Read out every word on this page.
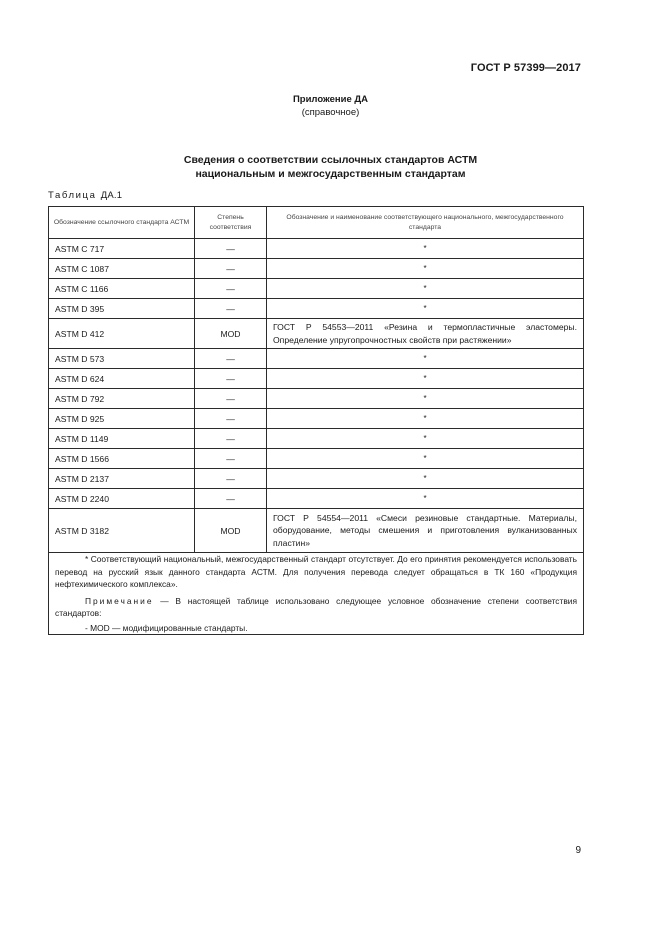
ГОСТ Р 57399—2017
Приложение ДА
(справочное)
Сведения о соответствии ссылочных стандартов АСТМ
национальным и межгосударственным стандартам
Таблица ДА.1
Обозначение ссылочного стандарта АСТМ	Степень соответствия	Обозначение и наименование соответствующего национального, межгосударственного стандарта
ASTM C 717	—	*
ASTM C 1087	—	*
ASTM C 1166	—	*
ASTM D 395	—	*
ASTM D 412	MOD	ГОСТ Р 54553—2011 «Резина и термопластичные эластомеры. Определение упругопрочностных свойств при растяжении»
ASTM D 573	—	*
ASTM D 624	—	*
ASTM D 792	—	*
ASTM D 925	—	*
ASTM D 1149	—	*
ASTM D 1566	—	*
ASTM D 2137	—	*
ASTM D 2240	—	*
ASTM D 3182	MOD	ГОСТ Р 54554—2011 «Смеси резиновые стандартные. Материалы, оборудование, методы смешения и приготовления вулканизованных пластин»

* Соответствующий национальный, межгосударственный стандарт отсутствует. До его принятия рекомендуется использовать перевод на русский язык данного стандарта АСТМ. Для получения перевода следует обращаться в ТК 160 «Продукция нефтехимического комплекса».

Примечание — В настоящей таблице использовано следующее условное обозначение степени соответствия стандартов:

- MOD — модифицированные стандарты.		

9
